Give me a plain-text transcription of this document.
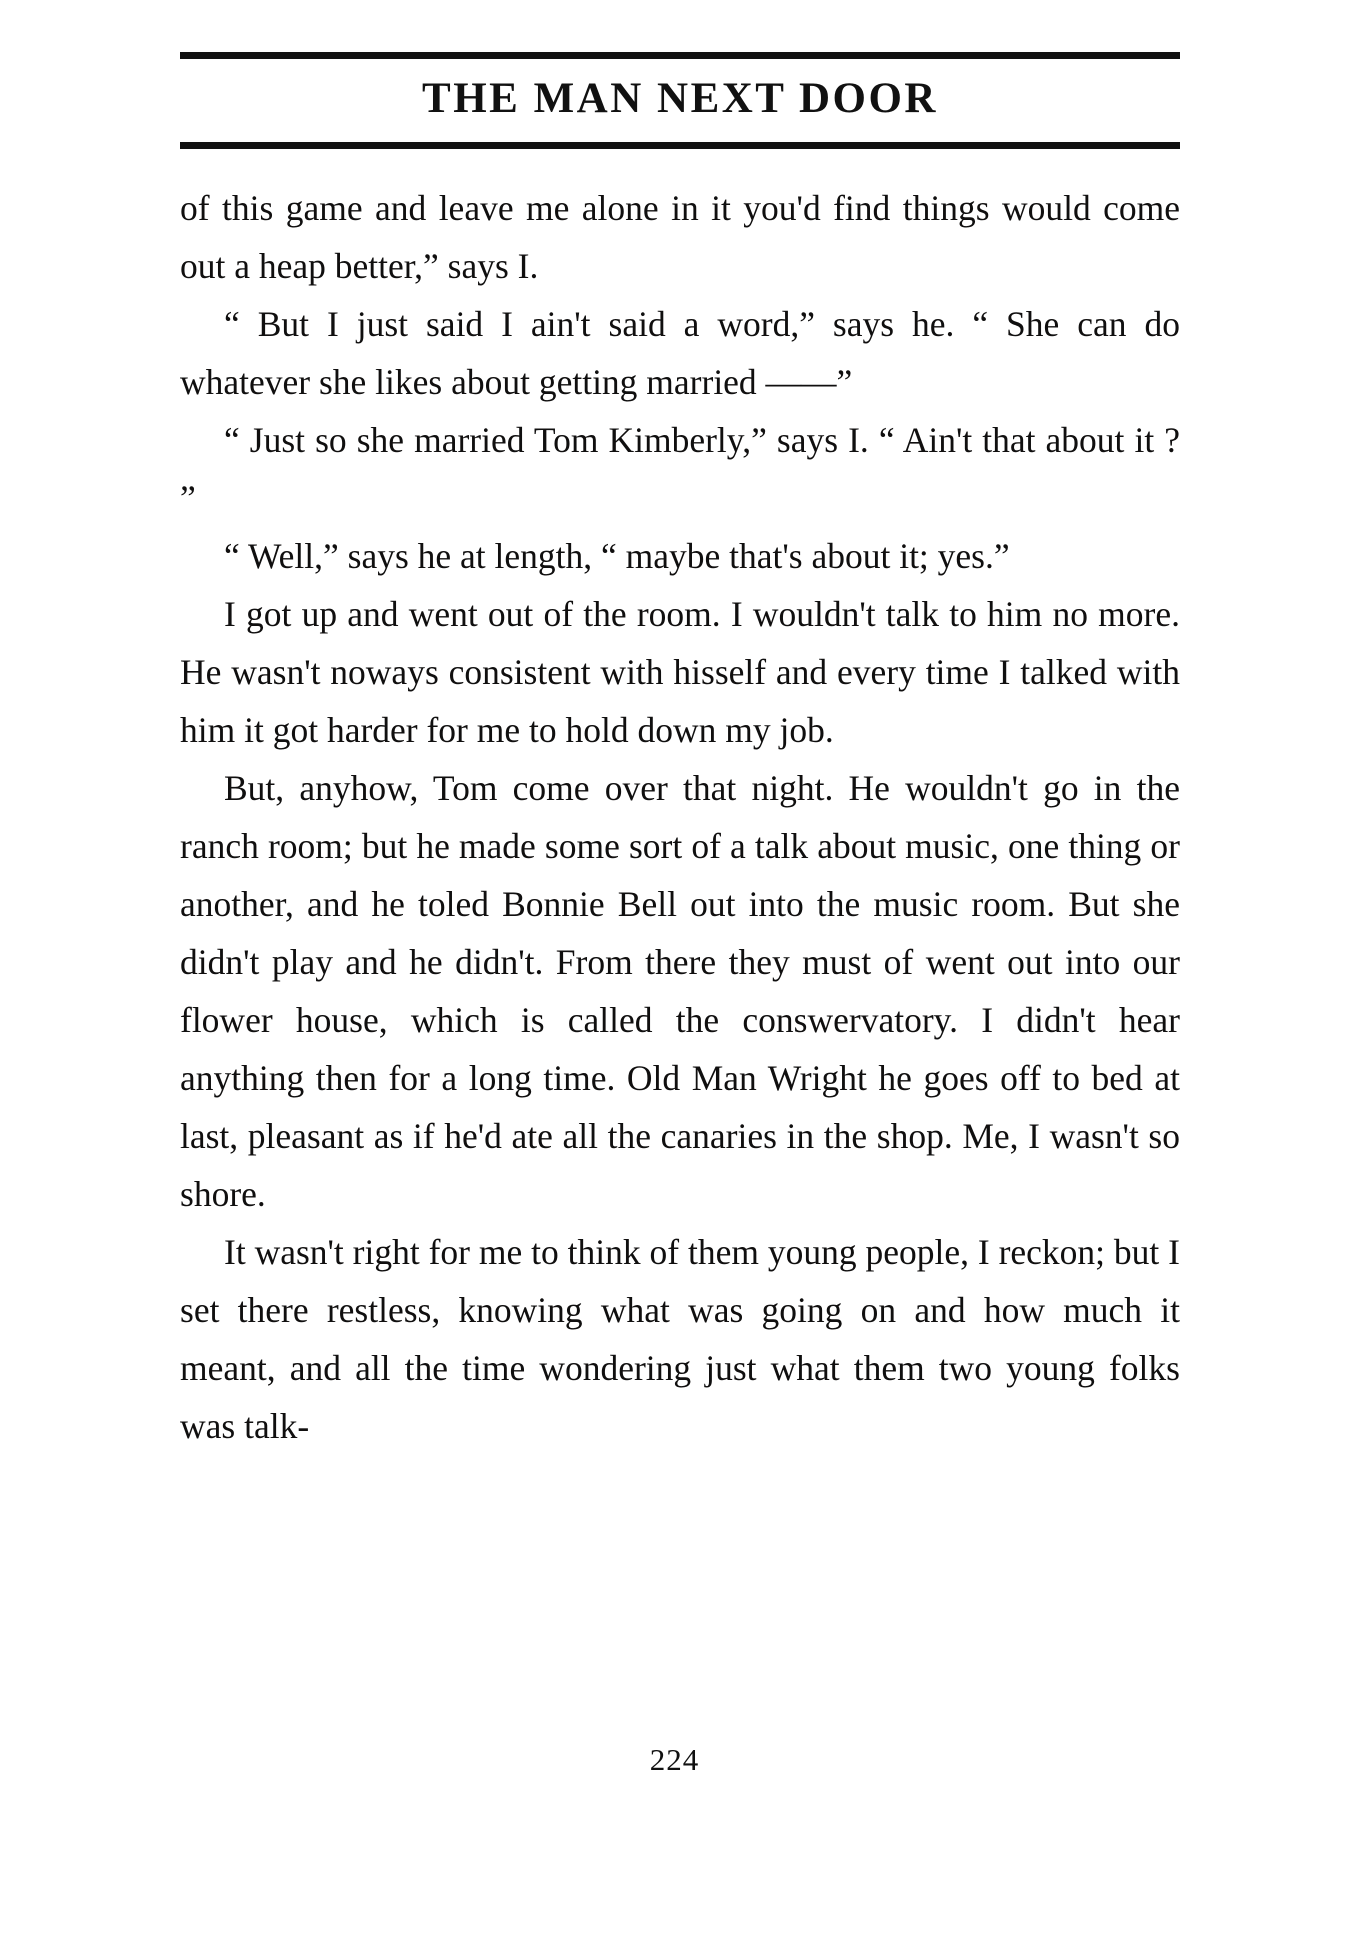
THE MAN NEXT DOOR

of this game and leave me alone in it you'd find things would come out a heap better,” says I.

“ But I just said I ain't said a word,” says he. “ She can do whatever she likes about getting married ——”

“ Just so she married Tom Kimberly,” says I. “ Ain't that about it ? ”

“ Well,” says he at length, “ maybe that's about it; yes.”

I got up and went out of the room. I wouldn't talk to him no more. He wasn't noways consistent with hisself and every time I talked with him it got harder for me to hold down my job.

But, anyhow, Tom come over that night. He wouldn't go in the ranch room; but he made some sort of a talk about music, one thing or another, and he toled Bonnie Bell out into the music room. But she didn't play and he didn't. From there they must of went out into our flower house, which is called the conswervatory. I didn't hear anything then for a long time. Old Man Wright he goes off to bed at last, pleasant as if he'd ate all the canaries in the shop. Me, I wasn't so shore.

It wasn't right for me to think of them young people, I reckon; but I set there restless, knowing what was going on and how much it meant, and all the time wondering just what them two young folks was talk-

224
